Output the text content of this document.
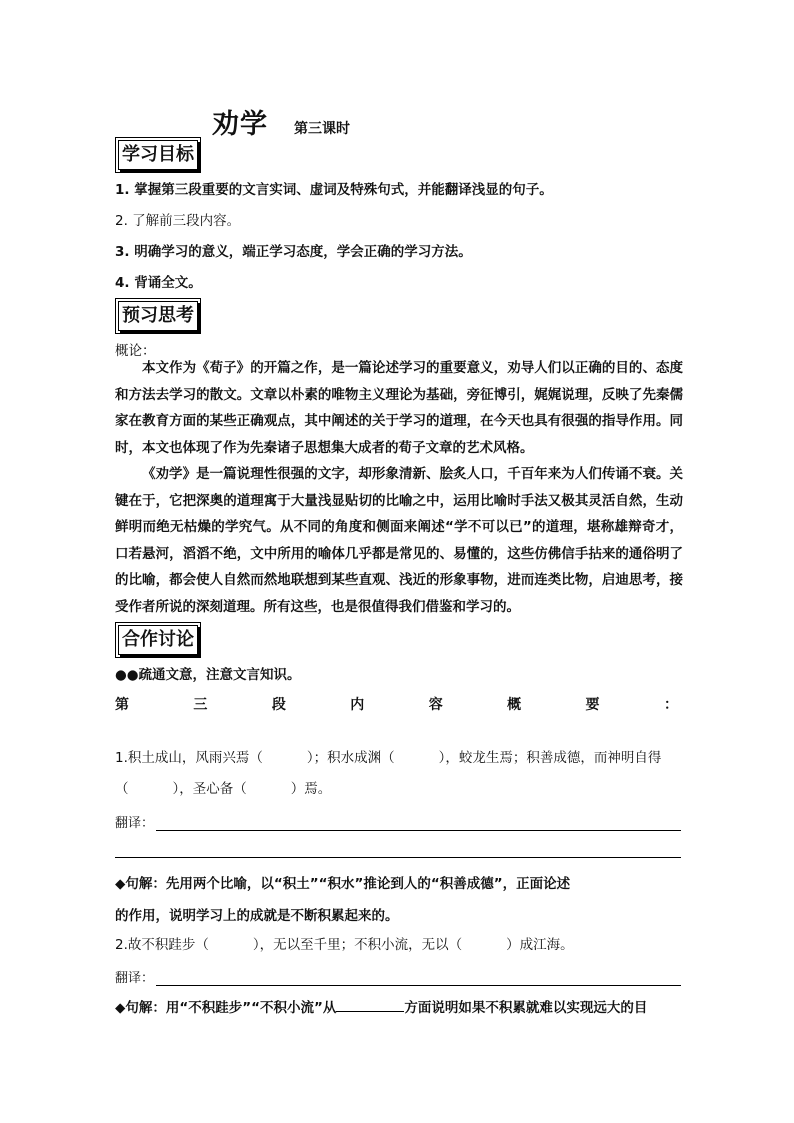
劝学 第三课时
学习目标
1. 掌握第三段重要的文言实词、虚词及特殊句式，并能翻译浅显的句子。
2. 了解前三段内容。
3. 明确学习的意义，端正学习态度，学会正确的学习方法。
4. 背诵全文。
预习思考
概论：
本文作为《荀子》的开篇之作，是一篇论述学习的重要意义，劝导人们以正确的目的、态度和方法去学习的散文。文章以朴素的唯物主义理论为基础，旁征博引，娓娓说理，反映了先秦儒家在教育方面的某些正确观点，其中阐述的关于学习的道理，在今天也具有很强的指导作用。同时，本文也体现了作为先秦诸子思想集大成者的荀子文章的艺术风格。
《劝学》是一篇说理性很强的文字，却形象清新、脍炙人口，千百年来为人们传诵不衰。关键在于，它把深奥的道理寓于大量浅显贴切的比喻之中，运用比喻时手法又极其灵活自然，生动鲜明而绝无枯燥的学究气。从不同的角度和侧面来阐述“学不可以已”的道理，堪称雄辩奇才，口若悬河，滔滔不绝，文中所用的喻体几乎都是常见的、易懂的，这些仿佛信手拈来的通俗明了的比喻，都会使人自然而然地联想到某些直观、浅近的形象事物，进而连类比物，启迪思考，接受作者所说的深刻道理。所有这些，也是很值得我们借鉴和学习的。
合作讨论
●●疏通文意，注意文言知识。
第	三	段	内	容	概	要	：
1.积土成山，风雨兴焉（	）；积水成渊（	），蛟龙生焉；积善成德，而神明自得
（	），圣心备（	）焉。
翻译：
◆句解：先用两个比喻，以“积土”“积水”推论到人的“积善成德”，正面论述
的作用，说明学习上的成就是不断积累起来的。
2.故不积跬步（	），无以至千里；不积小流，无以（	）成江海。
翻译：
◆句解：用“不积跬步”“不积小流”从	方面说明如果不积累就难以实现远大的目
